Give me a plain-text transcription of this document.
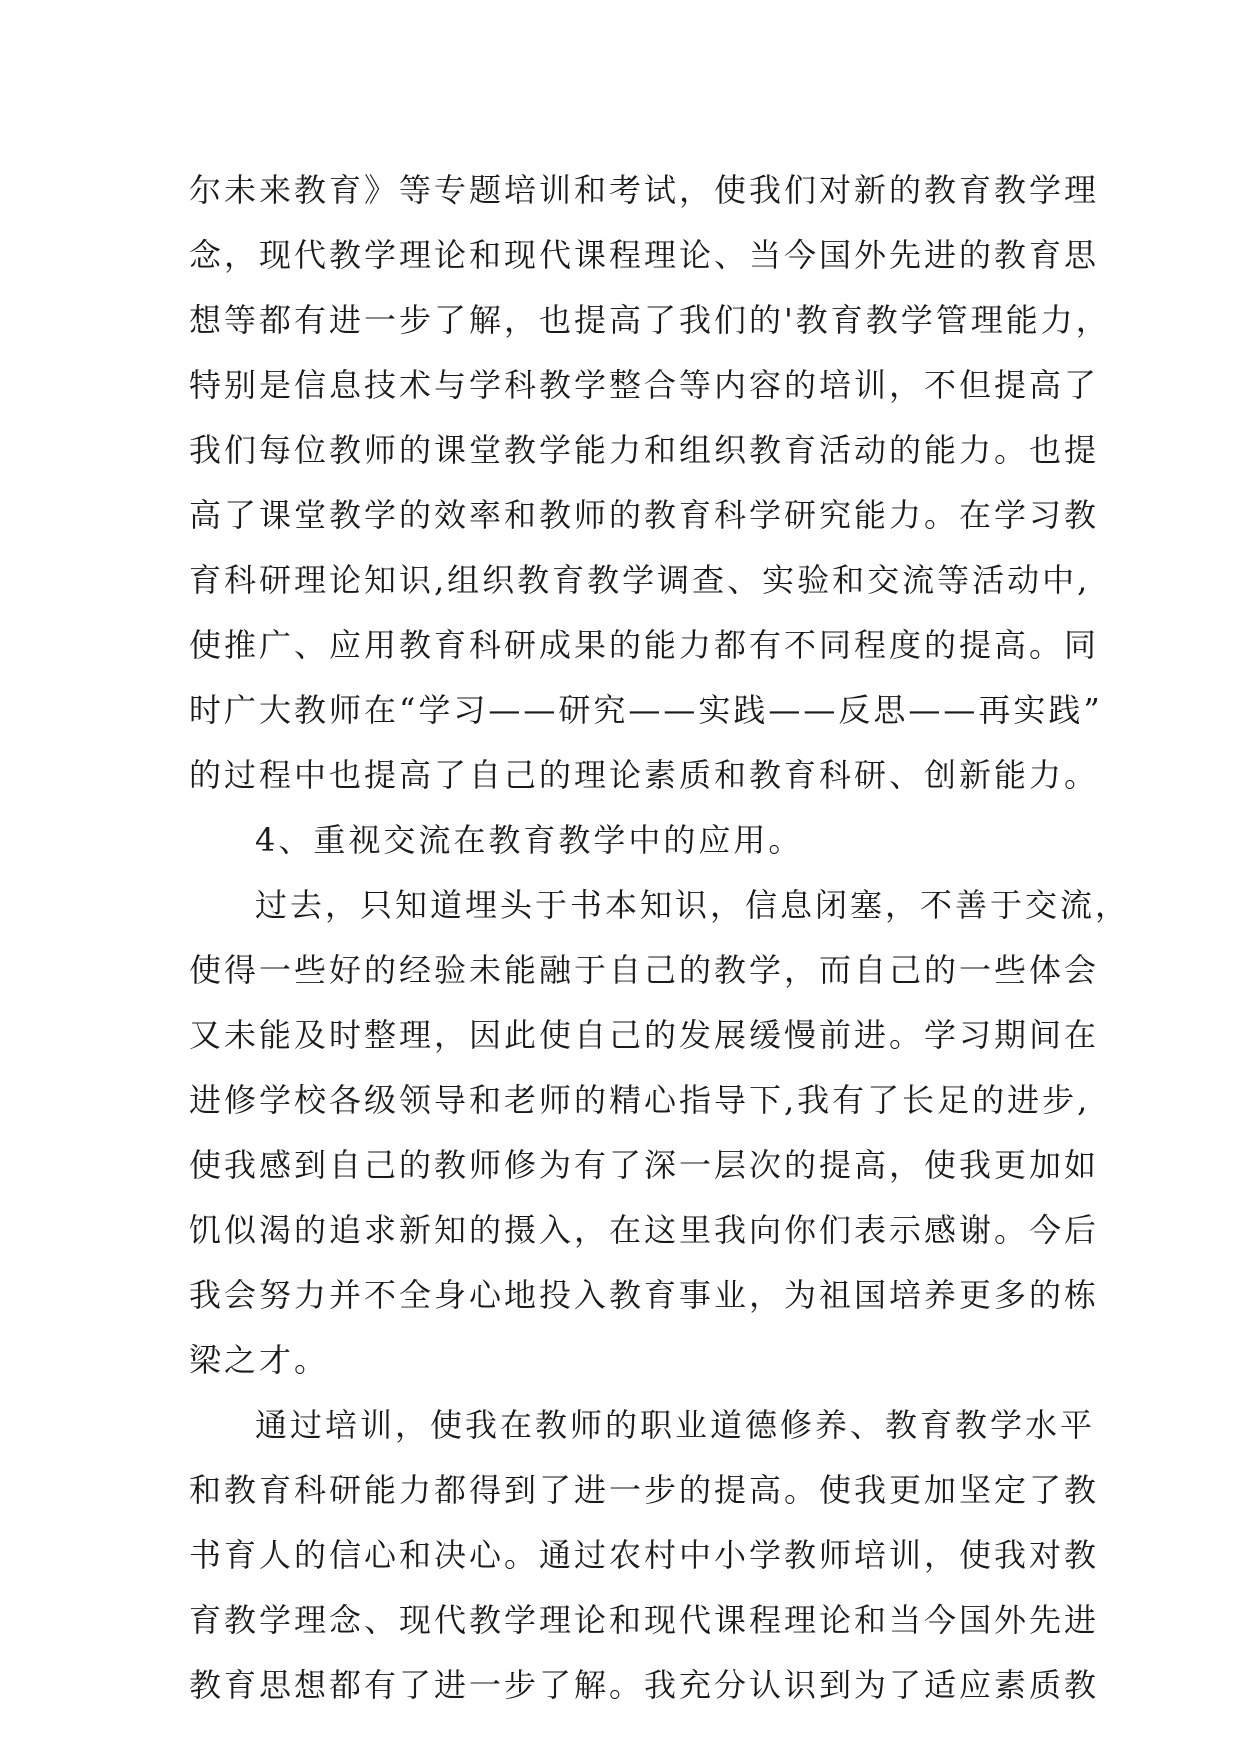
尔未来教育》等专题培训和考试，使我们对新的教育教学理
念，现代教学理论和现代课程理论、当今国外先进的教育思
想等都有进一步了解，也提高了我们的'教育教学管理能力，
特别是信息技术与学科教学整合等内容的培训，不但提高了
我们每位教师的课堂教学能力和组织教育活动的能力。也提
高了课堂教学的效率和教师的教育科学研究能力。在学习教
育科研理论知识,组织教育教学调查、实验和交流等活动中,
使推广、应用教育科研成果的能力都有不同程度的提高。同
时广大教师在“学习——研究——实践——反思——再实践”
的过程中也提高了自己的理论素质和教育科研、创新能力。
4、重视交流在教育教学中的应用。
过去，只知道埋头于书本知识，信息闭塞，不善于交流，
使得一些好的经验未能融于自己的教学，而自己的一些体会
又未能及时整理，因此使自己的发展缓慢前进。学习期间在
进修学校各级领导和老师的精心指导下,我有了长足的进步,
使我感到自己的教师修为有了深一层次的提高，使我更加如
饥似渴的追求新知的摄入，在这里我向你们表示感谢。今后
我会努力并不全身心地投入教育事业，为祖国培养更多的栋
梁之才。
通过培训，使我在教师的职业道德修养、教育教学水平
和教育科研能力都得到了进一步的提高。使我更加坚定了教
书育人的信心和决心。通过农村中小学教师培训，使我对教
育教学理念、现代教学理论和现代课程理论和当今国外先进
教育思想都有了进一步了解。我充分认识到为了适应素质教
